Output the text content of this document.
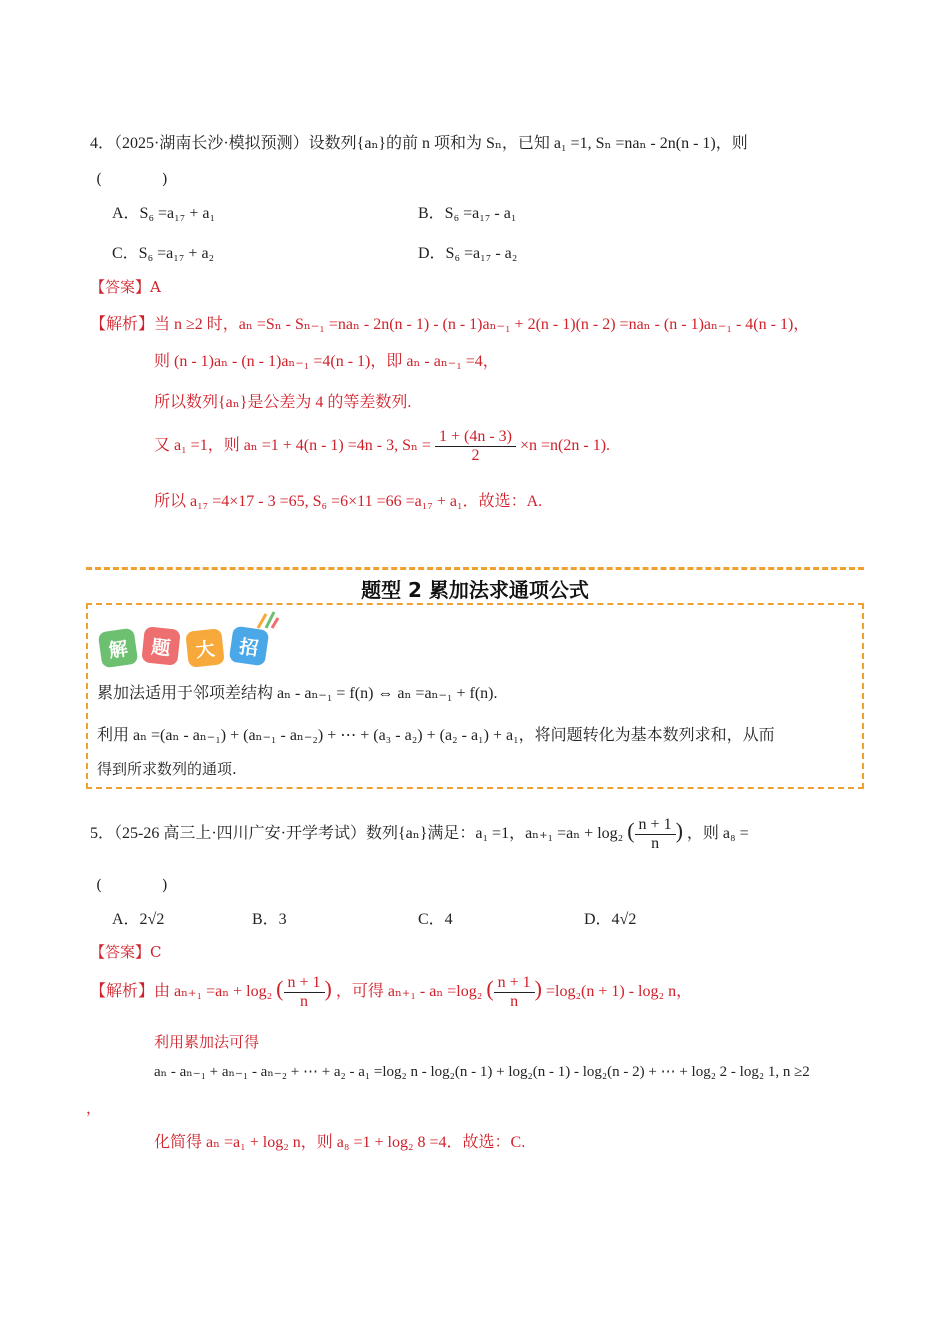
4．（2025·湖南长沙·模拟预测）设数列{aₙ}的前 n 项和为 Sₙ，已知 a₁ =1, Sₙ =naₙ - 2n(n - 1)，则
(　　　　)
A．S₆ =a₁₇ + a₁	B．S₆ =a₁₇ - a₁
C．S₆ =a₁₇ + a₂	D．S₆ =a₁₇ - a₂
【答案】A
【解析】当 n ≥2 时，aₙ =Sₙ - Sₙ₋₁ =naₙ - 2n(n - 1) - (n - 1)aₙ₋₁ + 2(n - 1)(n - 2) =naₙ - (n - 1)aₙ₋₁ - 4(n - 1)，
则 (n - 1)aₙ - (n - 1)aₙ₋₁ =4(n - 1)，即 aₙ - aₙ₋₁ =4，
所以数列{aₙ}是公差为 4 的等差数列.
又 a₁ =1，则 aₙ =1 + 4(n - 1) =4n - 3, $S_n = \frac{1 + (4n - 3)}{2} \times n =n(2n - 1)$.
所以 a₁₇ =4×17 - 3 =65, S₆ =6×11 =66 =a₁₇ + a₁．故选：A.
题型 2 累加法求通项公式
解	题	大	招
累加法适用于邻项差结构 aₙ - aₙ₋₁ = f(n) ⇔ aₙ =aₙ₋₁ + f(n).
利用 aₙ =(aₙ - aₙ₋₁) + (aₙ₋₁ - aₙ₋₂) + ⋯ + (a₃ - a₂) + (a₂ - a₁) + a₁，将问题转化为基本数列求和，从而
得到所求数列的通项.
5．（25-26 高三上·四川广安·开学考试）数列{aₙ}满足：a₁ =1，aₙ₊₁ =aₙ + log₂ ( $\frac{n + 1}{n}$ ) ，则 a₈ =
(　　　　)
A．2√2	B．3	C．4	D．4√2
【答案】C
【解析】由 aₙ₊₁ =aₙ + log₂ ( $\frac{n + 1}{n}$ ) ，可得 aₙ₊₁ - aₙ =log₂ ( $\frac{n + 1}{n}$ ) =log₂(n + 1) - log₂ n，
利用累加法可得
aₙ - aₙ₋₁ + aₙ₋₁ - aₙ₋₂ + ⋯ + a₂ - a₁ =log₂ n - log₂(n - 1) + log₂(n - 1) - log₂(n - 2) + ⋯ + log₂ 2 - log₂ 1, n ≥2
，
化简得 aₙ =a₁ + log₂ n，则 a₈ =1 + log₂ 8 =4．故选：C.
